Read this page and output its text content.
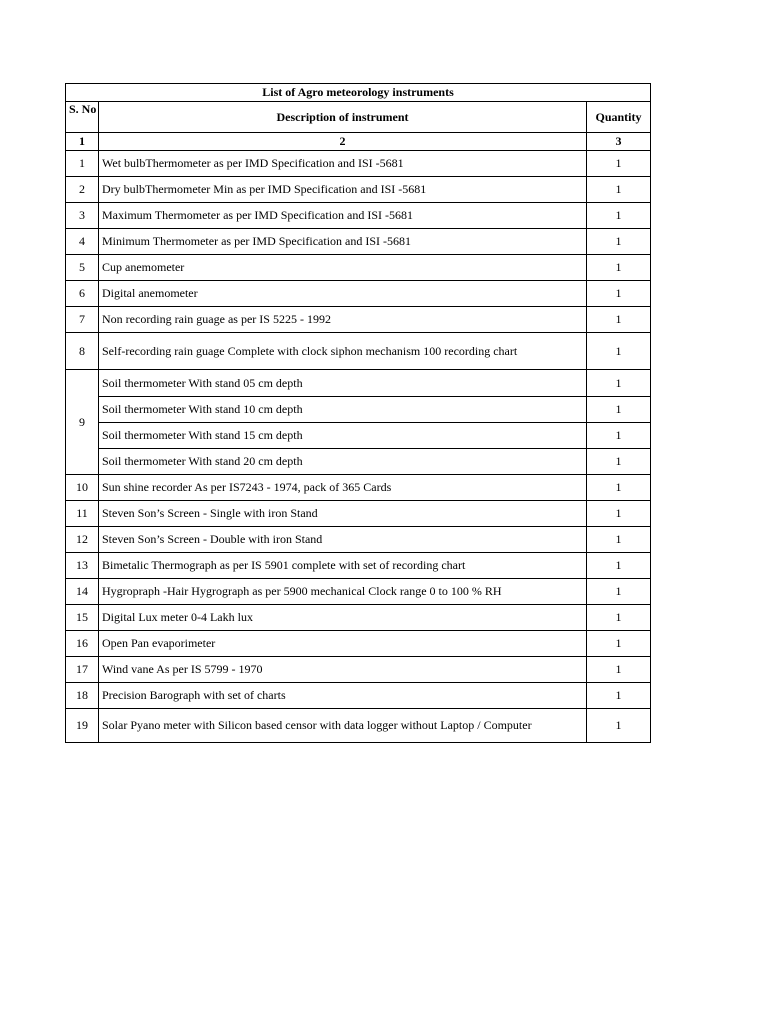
List of Agro meteorology instruments		
S. No	Description of instrument	Quantity
1	2	3
1	Wet bulbThermometer as per IMD Specification and ISI -5681	1
2	Dry bulbThermometer Min as per IMD Specification and ISI -5681	1
3	Maximum Thermometer as per IMD Specification and ISI -5681	1
4	Minimum Thermometer as per IMD Specification and ISI -5681	1
5	Cup anemometer	1
6	Digital anemometer	1
7	Non recording rain guage as per IS 5225 - 1992	1
8	Self-recording rain guage Complete with clock siphon mechanism 100 recording chart	1
9	Soil thermometer With stand 05 cm depth	1
	Soil thermometer With stand 10 cm depth	1
	Soil thermometer With stand 15 cm depth	1
	Soil thermometer With stand 20 cm depth	1
10	Sun shine recorder As per IS7243 - 1974, pack of 365 Cards	1
11	Steven Son’s Screen - Single with iron Stand	1
12	Steven Son’s Screen - Double with iron Stand	1
13	Bimetalic Thermograph as per IS 5901 complete with set of recording chart	1
14	Hygropraph -Hair Hygrograph as per 5900 mechanical Clock range 0 to 100 % RH	1
15	Digital Lux meter 0-4 Lakh lux	1
16	Open Pan evaporimeter	1
17	Wind vane As per IS 5799 - 1970	1
18	Precision Barograph with set of charts	1
19	Solar Pyano meter with Silicon based censor with data logger without Laptop / Computer	1
